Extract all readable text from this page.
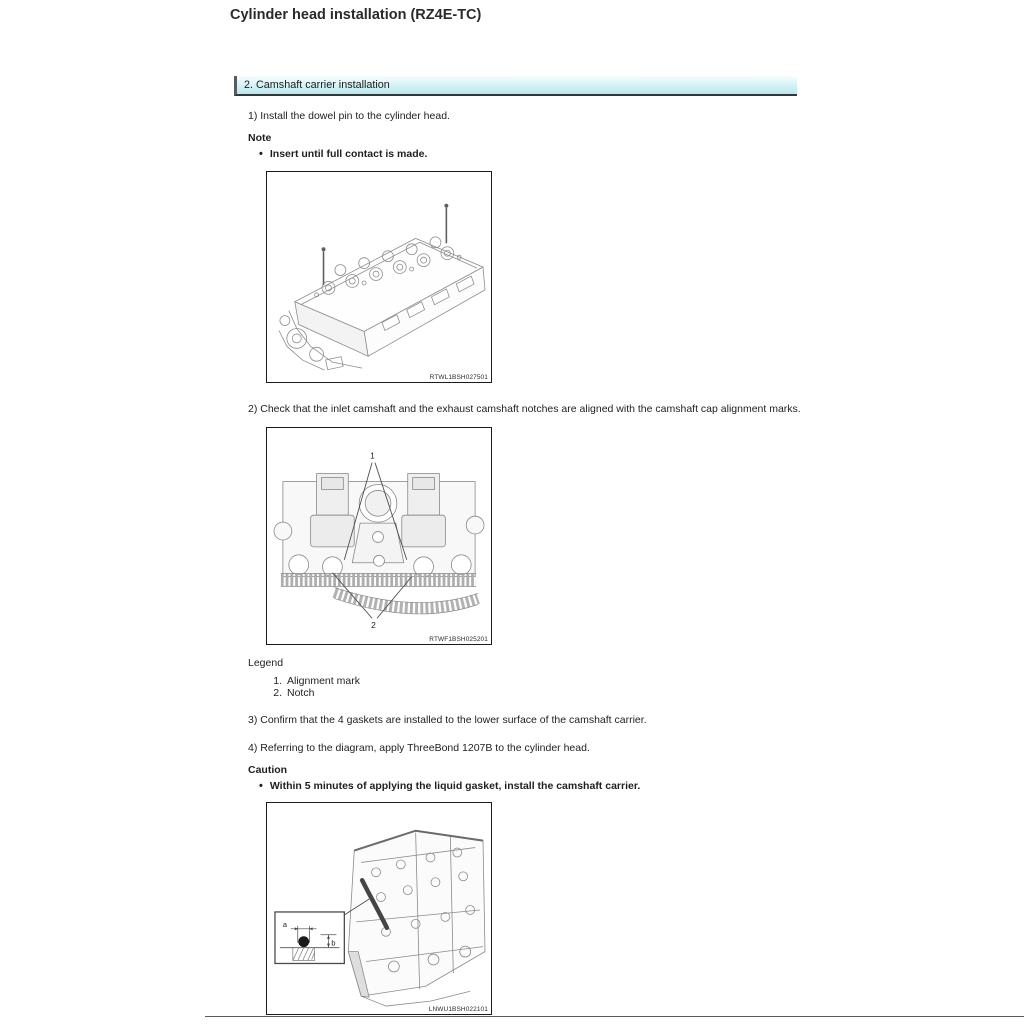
Cylinder head installation (RZ4E-TC)
2. Camshaft carrier installation

1) Install the dowel pin to the cylinder head.

Note

• Insert until full contact is made.
RTWL1BSH027501

2) Check that the inlet camshaft and the exhaust camshaft notches are aligned with the camshaft cap alignment marks.

1
2
RTWF1BSH025201

Legend

1. Alignment mark
2. Notch

3) Confirm that the 4 gaskets are installed to the lower surface of the camshaft carrier.

4) Referring to the diagram, apply ThreeBond 1207B to the cylinder head.

Caution

• Within 5 minutes of applying the liquid gasket, install the camshaft carrier.
a
b
LNWU1BSH022101
